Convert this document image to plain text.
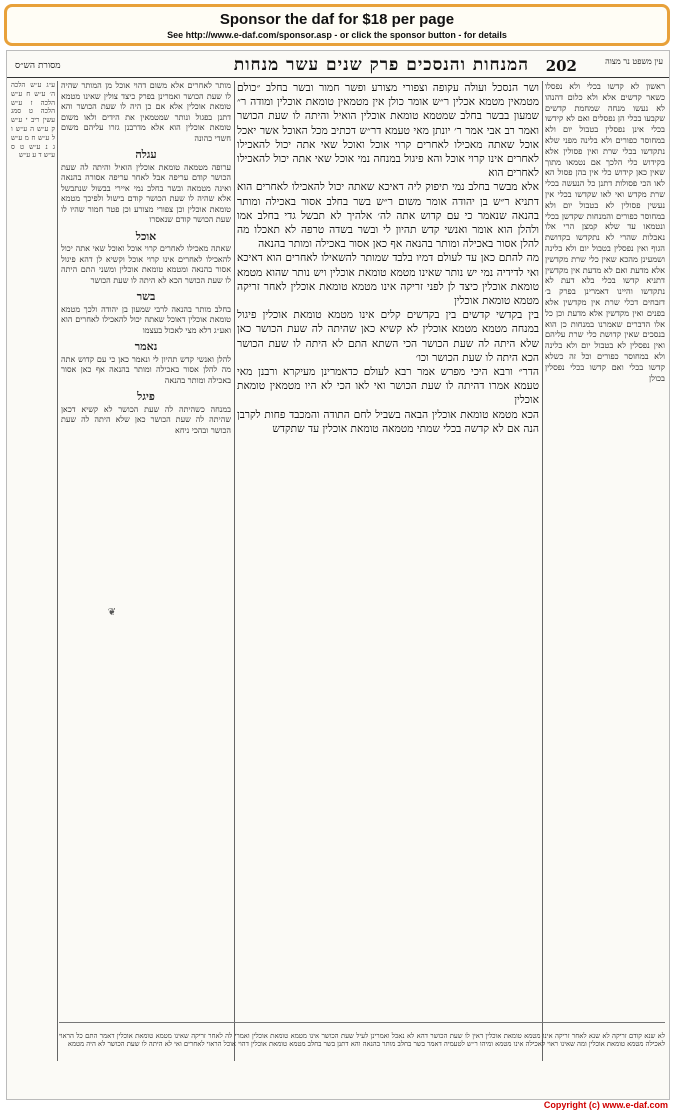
Sponsor the daf for $18 per page
See http://www.e-daf.com/sponsor.asp - or click the sponsor button - for details
עין משפט נר מצוה
202
המנחות והנסכים פרק שנים עשר מנחות
מסורת הש״ס

ראשון לא קדשו בכלי ולא נפסלו כשאר קדשים אלא ולא כלום דהנהו לא נעשו מנחה שמחמת קדשים שקבעו בכלי הן נפסלים ואם לא קידשו בכלי אינן נפסלין בטבול יום ולא במחוסר כפורים ולא בלינה מפני שלא נתקדשו בכלי שרת ואין פסולין אלא בקידוש כלי הלכך אם נטמאו מתוך שאין כאן קידוש כלי אין בהן פסול הא לאו הכי פסולות דתנן כל הנעשה בכלי שרת מקדש ואי לאו שקדשו בכלי אין נעשין פסולין לא בטבול יום ולא במחוסר כפורים והמנחות שקדשן בכלי ונטמאו עד שלא קמצן הרי אלו נאכלות שהרי לא נתקדשו בקדושת הגוף ואין נפסלין בטבול יום ולא בלינה ושמעינן מהכא שאין כלי שרת מקדשין אלא מדעת ואם לא מדעת אין מקדשין דתניא קדשו בכלי בלא דעת לא נתקדשו והיינו דאמרינן בפרק ב׳ דזבחים דכלי שרת אין מקדשין אלא בפנים ואין מקדשין אלא מדעת וכן כל אלו הדברים שאמרנו במנחות כן הוא בנסכים שאין קדושת כלי שרת עליהם ואין נפסלין לא בטבול יום ולא בלינה ולא במחוסר כפורים וכל זה כשלא קדשו בכלי ואם קדשו בכלי נפסלין בכולן

ושר הנסכל ועולה עקופה וצפורי מצורע ופשר חמור ובשר בחלב ״כולם מטמאין מטמא אכלין ר״ש אומר כולן אין מטמאין טומאת אוכלין ומודה ר״ שמעון בבשר בחלב שמטמא טומאת אוכלין הואיל והיתה לו שעת הכושר ואמר רב אבי אמר ר׳ יונתן מאי טעמא דר״ש דכתיב מכל האוכל אשר יאכל אוכל שאתה מאכילו לאחרים קרוי אוכל ואוכל שאי אתה יכול להאכילו לאחרים אינו קרוי אוכל והא פיגול במנחה נמי אוכל שאי אתה יכול להאכילו לאחרים הוא

אלא מבשר בחלב נמי תיפוק ליה דאיכא שאתה יכול להאכילו לאחרים הוא דתניא ר״ש בן יהודה אומר משום ר״ש בשר בחלב אסור באכילה ומותר בהנאה שנאמר כי עם קדוש אתה לה׳ אלהיך לא תבשל גדי בחלב אמו ולהלן הוא אומר ואנשי קדש תהיון לי ובשר בשדה טרפה לא תאכלו מה להלן אסור באכילה ומותר בהנאה אף כאן אסור באכילה ומותר בהנאה

מה להתם כאן עד לעולם דמיו בלבד שמותר להשאילו לאחרים הוא דאיכא ואי לדידיה נמי יש נותר שאינו מטמא טומאת אוכלין ויש נותר שהוא מטמא טומאת אוכלין כיצד לן לפני זריקה אינו מטמא טומאת אוכלין לאחר זריקה מטמא טומאת אוכלין

בין בקדשי קדשים בין בקדשים קלים אינו מטמא טומאת אוכלין פיגול במנחה מטמא מטמא אוכלין לא קשיא כאן שהיתה לה שעת הכושר כאן שלא היתה לה שעת הכושר הכי השתא התם לא היתה לו שעת הכושר הכא היתה לו שעת הכושר וכו׳

הדר״ ורבא היכי מפרש אמר רבא לעולם כדאמרינן מעיקרא ורבנן מאי טעמא אמרו דהיתה לו שעת הכושר ואי לאו הכי לא היו מטמאין טומאת אוכלין

הכא מטמא טומאת אוכלין הבאה בשביל לחם התודה והמכבד פחות לקרבן הנה אם לא קדשה בכלי שמתי מטמאה טומאת אוכלין עד שתקדש

מותר לאחרים אלא משום דהוי אוכל מן המותר שהיה לו שעת הכושר ואמרינן בפרק כיצד צולין שאינו מטמא טומאת אוכלין אלא אם כן היה לו שעת הכושר והא דתנן בפגול ונותר שמטמאין את הידים ולאו משום טומאת אוכלין הוא אלא מדרבנן גזרו עליהם משום חשדי כהונה

עגלה

ערופה מטמאה טומאת אוכלין הואיל והיתה לה שעת הכושר קודם עריפה אבל לאחר עריפה אסורה בהנאה ואינה מטמאה ובשר בחלב נמי איירי בבשול שנתבשל אלא שהיה לו שעת הכושר קודם בישול ולפיכך מטמא טומאת אוכלין וכן צפורי מצורע וכן פטר חמור שהיו לו שעת הכושר קודם שנאסרו

אוכל

שאתה מאכילו לאחרים קרוי אוכל ואוכל שאי אתה יכול להאכילו לאחרים אינו קרוי אוכל וקשיא לן דהא פיגול אסור בהנאה ומטמא טומאת אוכלין ומשני התם היתה לו שעת הכושר הכא לא היתה לו שעת הכושר

בשר

בחלב מותר בהנאה לרבי שמעון בן יהודה ולכך מטמא טומאת אוכלין דאוכל שאתה יכול להאכילו לאחרים הוא ואע״ג דלא מצי לאכול בעצמו

נאמר

להלן ואנשי קדש תהיון לי ונאמר כאן כי עם קדוש אתה מה להלן אסור באכילה ומותר בהנאה אף כאן אסור באכילה ומותר בהנאה

פיגל

במנחה כשהיתה לה שעת הכושר לא קשיא דכאן שהיתה לה שעת הכושר כאן שלא היתה לה שעת הכושר ובהכי ניחא

ע״ג ע״ש הלכה ה׳ ע״ש ח ע״ש הלכה ז ע״ש הלכה ט סמג עשין ריב י ע״ש ק ע״ש ה ע״ש ו ל ע״ש ח מ ע״ש ג נ ע״ש ט ס ע״ש ד ע ע״ש

❦

לא שנא קודם זריקה לא שנא לאחר זריקה אינו מטמא טומאת אוכלין דאין לו שעת הכושר דהא לא נאכל ואמרינן לעיל שעת הכושר אינו מטמא טומאת אוכלין ואמרי לה לאחר זריקה שאינו מטמא טומאת אוכלין דאמר התם כל הראוי לאכילה מטמא טומאת אוכלין ומה שאינו ראוי לאכילה אינו מטמא ומיהו ר״ש לטעמיה דאמר בשר בחלב מותר בהנאה והא דתנן בשר בחלב מטמא טומאת אוכלין דהוי אוכל הראוי לאחרים ואי לא היתה לו שעת הכושר לא היה מטמא

Copyright (c) www.e-daf.com
